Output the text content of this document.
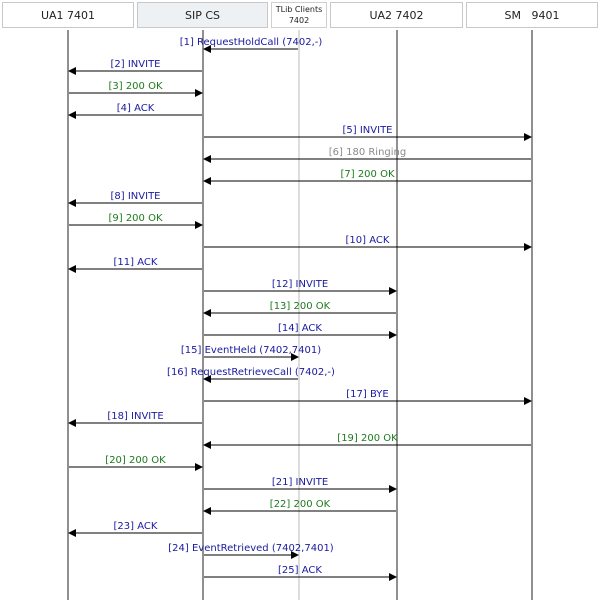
UA1 7401	SIP CS	TLib Clients
7402	UA2 7402	SM   9401
[1] RequestHoldCall (7402,-)
[2] INVITE
[3] 200 OK
[4] ACK
[5] INVITE
[6] 180 Ringing
[7] 200 OK
[8] INVITE
[9] 200 OK
[10] ACK
[11] ACK
[12] INVITE
[13] 200 OK
[14] ACK
[15] EventHeld (7402,7401)
[16] RequestRetrieveCall (7402,-)
[17] BYE
[18] INVITE
[19] 200 OK
[20] 200 OK
[21] INVITE
[22] 200 OK
[23] ACK
[24] EventRetrieved (7402,7401)
[25] ACK
